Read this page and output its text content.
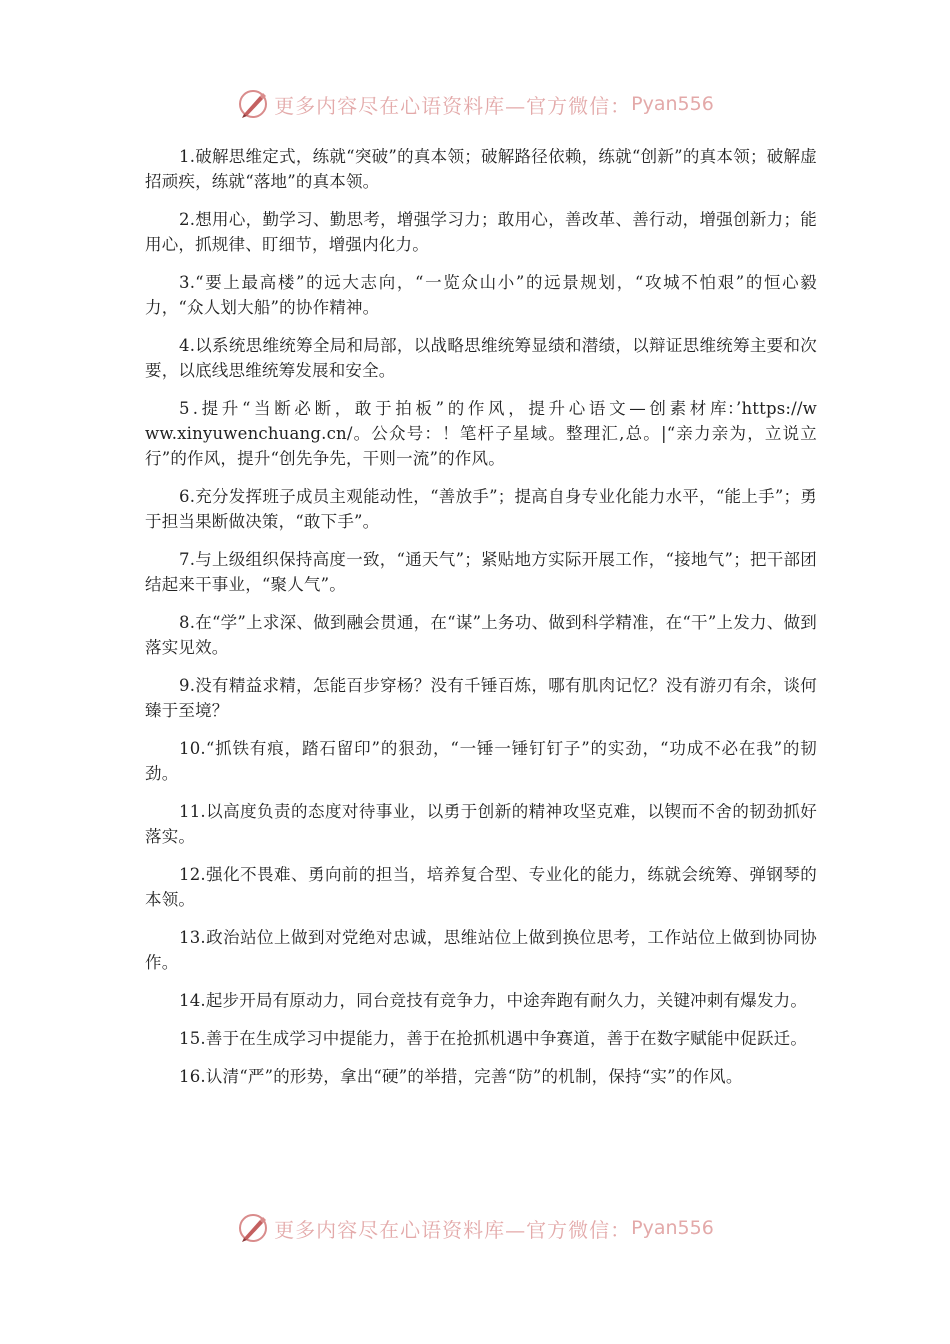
更多内容尽在心语资料库—官方微信： Pyan556

1.破解思维定式，练就“突破”的真本领；破解路径依赖，练就“创新”的真本领；破解虚招顽疾，练就“落地”的真本领。

2.想用心，勤学习、勤思考，增强学习力；敢用心，善改革、善行动，增强创新力；能用心，抓规律、盯细节，增强内化力。

3.“要上最高楼”的远大志向，“一览众山小”的远景规划，“攻城不怕艰”的恒心毅力，“众人划大船”的协作精神。

4.以系统思维统筹全局和局部，以战略思维统筹显绩和潜绩，以辩证思维统筹主要和次要，以底线思维统筹发展和安全。

5.提升“当断必断，敢于拍板”的作风，提升心语文—创素材库：’https://www.xinyuwenchuang.cn/。公众号：！笔杆子星域。整理汇,总。|“亲力亲为，立说立行”的作风，提升“创先争先，干则一流”的作风。

6.充分发挥班子成员主观能动性，“善放手”；提高自身专业化能力水平，“能上手”；勇于担当果断做决策，“敢下手”。

7.与上级组织保持高度一致，“通天气”；紧贴地方实际开展工作，“接地气”；把干部团结起来干事业，“聚人气”。

8.在“学”上求深、做到融会贯通，在“谋”上务功、做到科学精准，在“干”上发力、做到落实见效。

9.没有精益求精，怎能百步穿杨？没有千锤百炼，哪有肌肉记忆？没有游刃有余，谈何臻于至境？

10.“抓铁有痕，踏石留印”的狠劲，“一锤一锤钉钉子”的实劲，“功成不必在我”的韧劲。

11.以高度负责的态度对待事业，以勇于创新的精神攻坚克难，以锲而不舍的韧劲抓好落实。

12.强化不畏难、勇向前的担当，培养复合型、专业化的能力，练就会统筹、弹钢琴的本领。

13.政治站位上做到对党绝对忠诚，思维站位上做到换位思考，工作站位上做到协同协作。

14.起步开局有原动力，同台竞技有竞争力，中途奔跑有耐久力，关键冲刺有爆发力。

15.善于在生成学习中提能力，善于在抢抓机遇中争赛道，善于在数字赋能中促跃迁。

16.认清“严”的形势，拿出“硬”的举措，完善“防”的机制，保持“实”的作风。

更多内容尽在心语资料库—官方微信： Pyan556
